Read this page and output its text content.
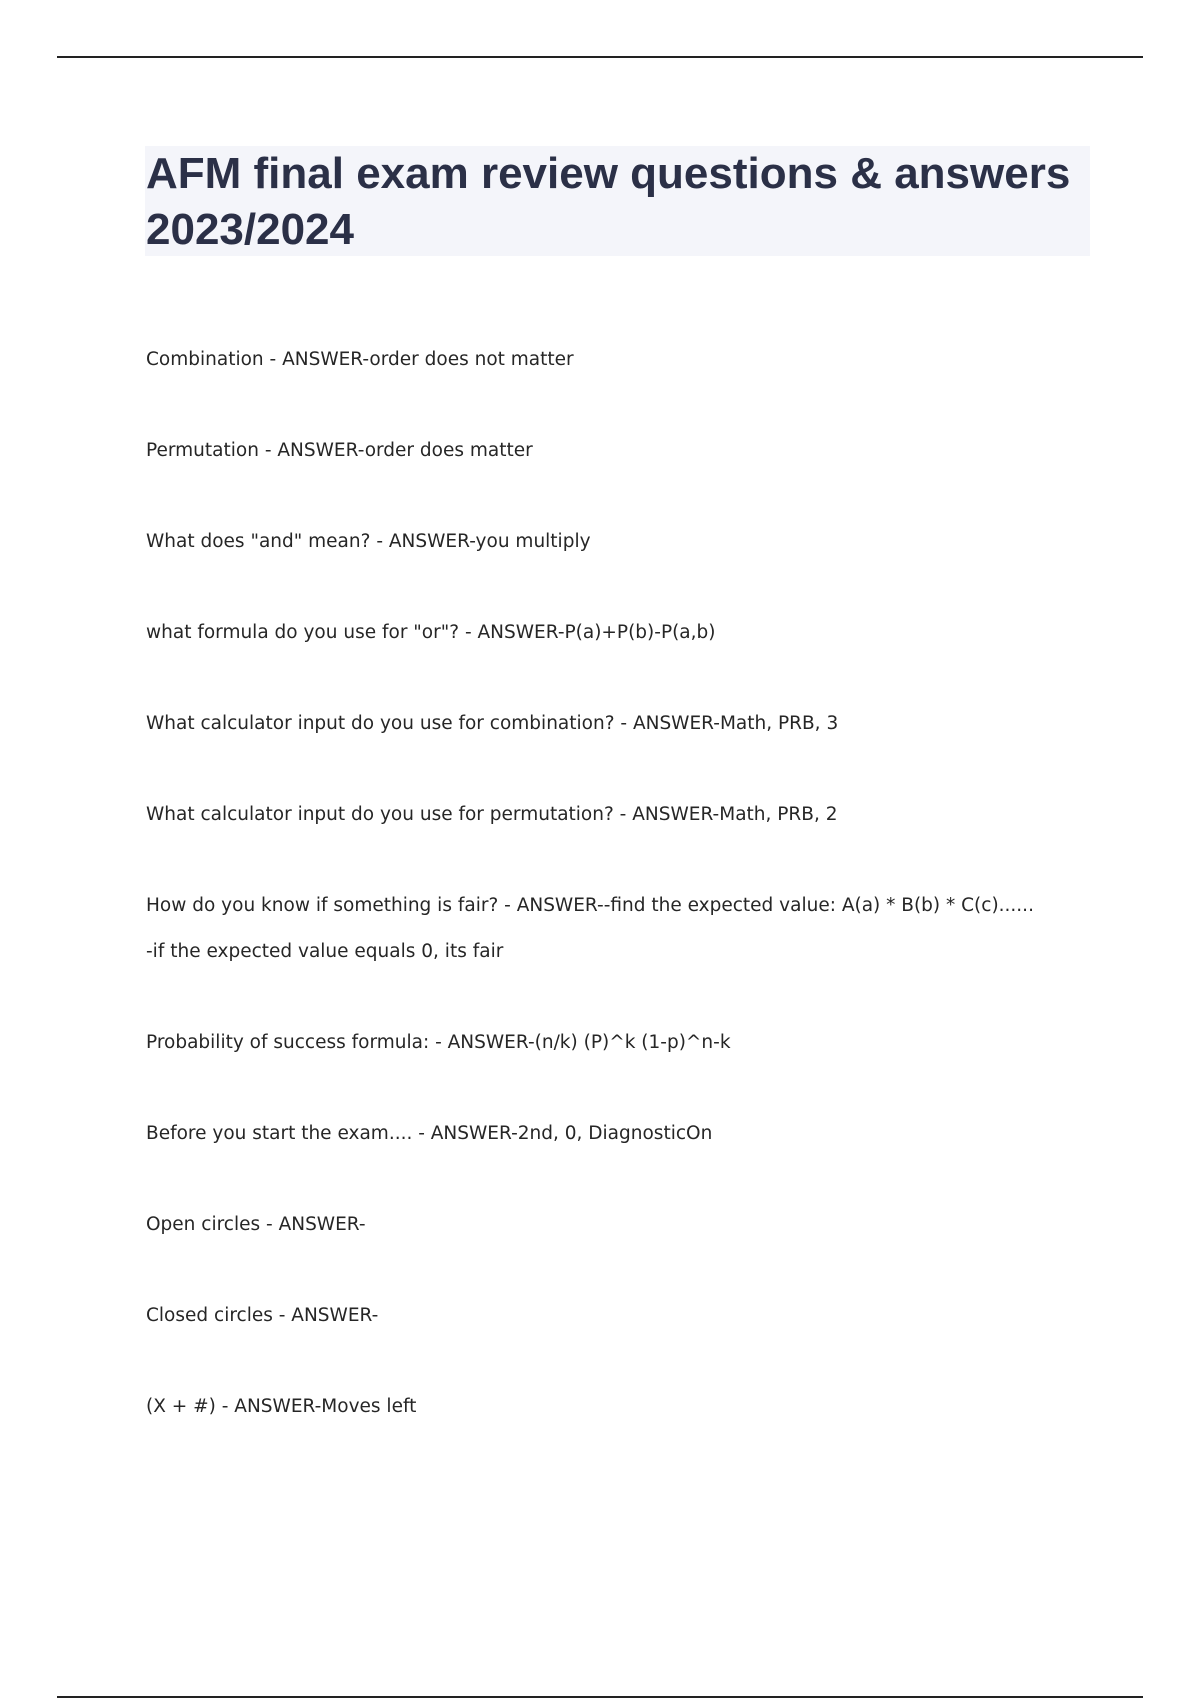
AFM final exam review questions & answers 2023/2024

Combination - ANSWER-order does not matter

Permutation - ANSWER-order does matter

What does "and" mean? - ANSWER-you multiply

what formula do you use for "or"? - ANSWER-P(a)+P(b)-P(a,b)

What calculator input do you use for combination? - ANSWER-Math, PRB, 3

What calculator input do you use for permutation? - ANSWER-Math, PRB, 2

How do you know if something is fair? - ANSWER--find the expected value: A(a) * B(b) * C(c)......

-if the expected value equals 0, its fair

Probability of success formula: - ANSWER-(n/k) (P)^k (1-p)^n-k

Before you start the exam.... - ANSWER-2nd, 0, DiagnosticOn

Open circles - ANSWER-

Closed circles - ANSWER-

(X + #) - ANSWER-Moves left
